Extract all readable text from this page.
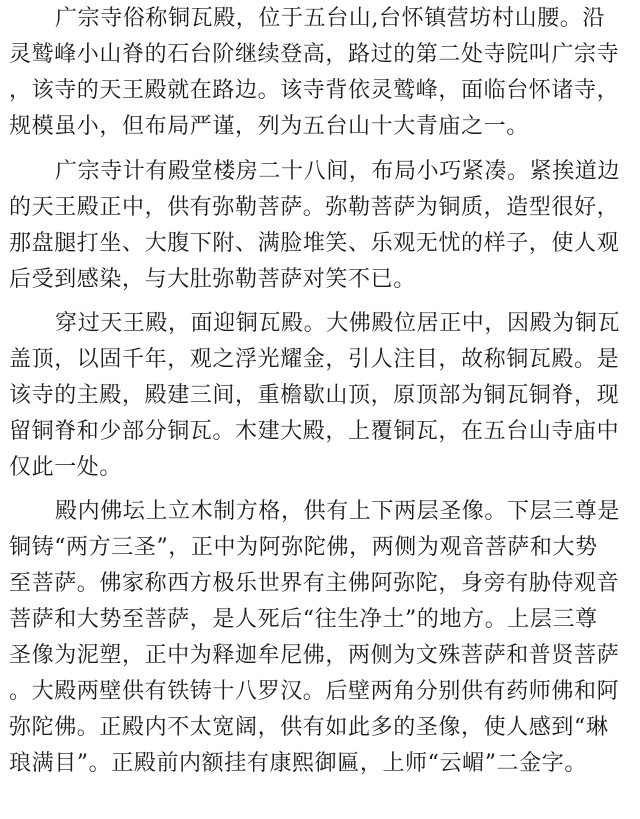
广宗寺俗称铜瓦殿，位于五台山,台怀镇营坊村山腰。沿
灵鹫峰小山脊的石台阶继续登高，路过的第二处寺院叫广宗寺
，该寺的天王殿就在路边。该寺背依灵鹫峰，面临台怀诸寺，
规模虽小，但布局严谨，列为五台山十大青庙之一。
广宗寺计有殿堂楼房二十八间，布局小巧紧凑。紧挨道边
的天王殿正中，供有弥勒菩萨。弥勒菩萨为铜质，造型很好，
那盘腿打坐、大腹下附、满脸堆笑、乐观无忧的样子，使人观
后受到感染，与大肚弥勒菩萨对笑不已。
穿过天王殿，面迎铜瓦殿。大佛殿位居正中，因殿为铜瓦
盖顶，以固千年，观之浮光耀金，引人注目，故称铜瓦殿。是
该寺的主殿，殿建三间，重檐歇山顶，原顶部为铜瓦铜脊，现
留铜脊和少部分铜瓦。木建大殿，上覆铜瓦，在五台山寺庙中
仅此一处。
殿内佛坛上立木制方格，供有上下两层圣像。下层三尊是
铜铸“两方三圣”，正中为阿弥陀佛，两侧为观音菩萨和大势
至菩萨。佛家称西方极乐世界有主佛阿弥陀，身旁有胁侍观音
菩萨和大势至菩萨，是人死后“往生净土”的地方。上层三尊
圣像为泥塑，正中为释迦牟尼佛，两侧为文殊菩萨和普贤菩萨
。大殿两壁供有铁铸十八罗汉。后壁两角分别供有药师佛和阿
弥陀佛。正殿内不太宽阔，供有如此多的圣像，使人感到“琳
琅满目”。正殿前内额挂有康熙御匾，上师“云嵋”二金字。
